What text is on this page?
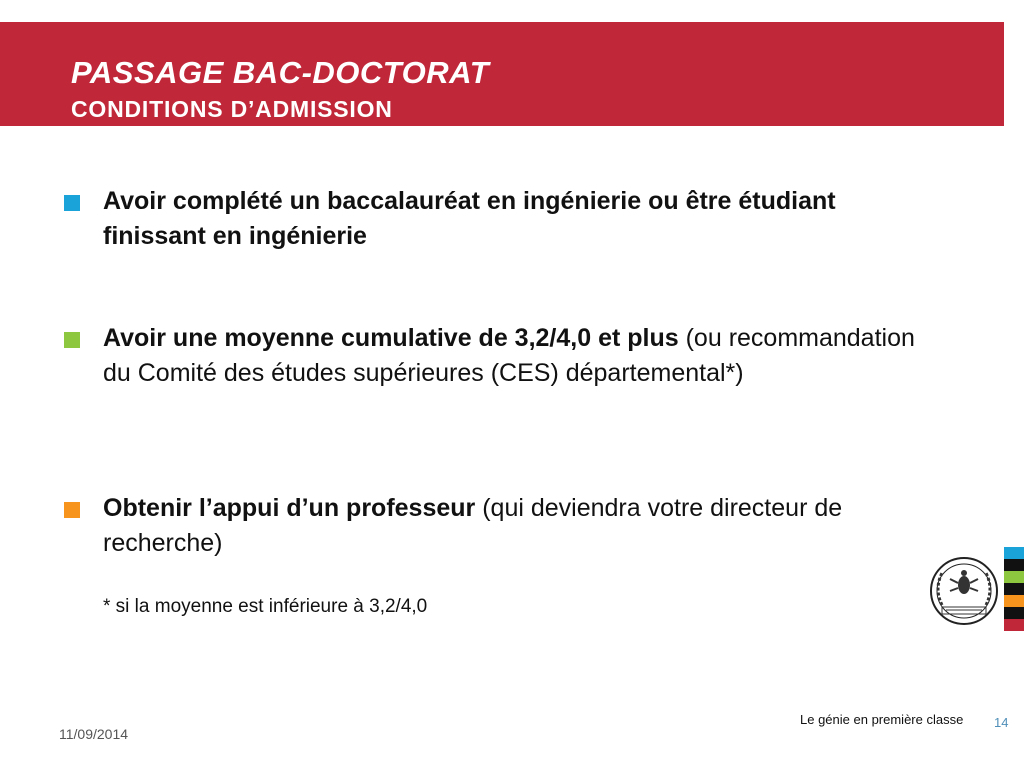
PASSAGE BAC-DOCTORAT
CONDITIONS D’ADMISSION
Avoir complété un baccalauréat en ingénierie ou être étudiant finissant en ingénierie
Avoir une moyenne cumulative de 3,2/4,0 et plus (ou recommandation du Comité des études supérieures (CES) départemental*)
Obtenir l’appui d’un professeur (qui deviendra votre directeur de recherche)
* si la moyenne est inférieure à 3,2/4,0
11/09/2014
Le génie en première classe 14
